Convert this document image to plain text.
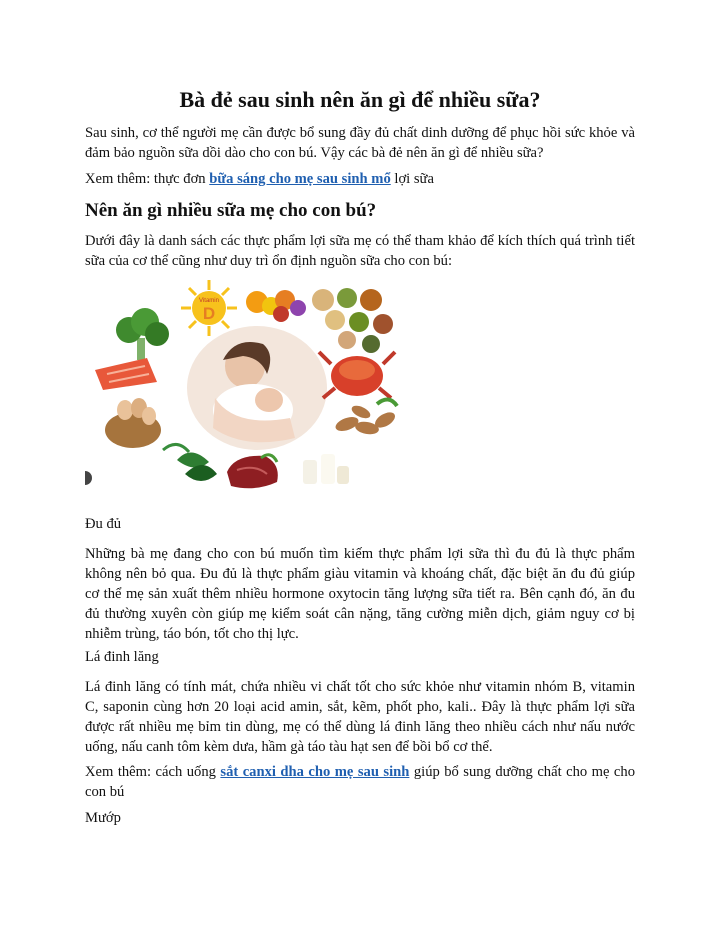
Bà đẻ sau sinh nên ăn gì để nhiều sữa?

Sau sinh, cơ thể người mẹ cần được bổ sung đầy đủ chất dinh dưỡng để phục hồi sức khỏe và đảm bảo nguồn sữa dồi dào cho con bú. Vậy các bà đẻ nên ăn gì để nhiều sữa?

Xem thêm: thực đơn bữa sáng cho mẹ sau sinh mổ lợi sữa

Nên ăn gì nhiều sữa mẹ cho con bú?

Dưới đây là danh sách các thực phẩm lợi sữa mẹ có thể tham khảo để kích thích quá trình tiết sữa của cơ thể cũng như duy trì ổn định nguồn sữa cho con bú:

Vitamin
D

Đu đủ

Những bà mẹ đang cho con bú muốn tìm kiếm thực phẩm lợi sữa thì đu đủ là thực phẩm không nên bỏ qua. Đu đủ là thực phẩm giàu vitamin và khoáng chất, đặc biệt ăn đu đủ giúp cơ thể mẹ sản xuất thêm nhiều hormone oxytocin tăng lượng sữa tiết ra. Bên cạnh đó, ăn đu đủ thường xuyên còn giúp mẹ kiểm soát cân nặng, tăng cường miễn dịch, giảm nguy cơ bị nhiễm trùng, táo bón, tốt cho thị lực.

Lá đinh lăng

Lá đinh lăng có tính mát, chứa nhiều vi chất tốt cho sức khỏe như vitamin nhóm B, vitamin C, saponin cùng hơn 20 loại acid amin, sắt, kẽm, phốt pho, kali.. Đây là thực phẩm lợi sữa được rất nhiều mẹ bỉm tin dùng, mẹ có thể dùng lá đinh lăng theo nhiều cách như nấu nước uống, nấu canh tôm kèm dưa, hầm gà táo tàu hạt sen để bồi bổ cơ thể.

Xem thêm: cách uống sắt canxi dha cho mẹ sau sinh giúp bổ sung dưỡng chất cho mẹ cho con bú

Mướp
